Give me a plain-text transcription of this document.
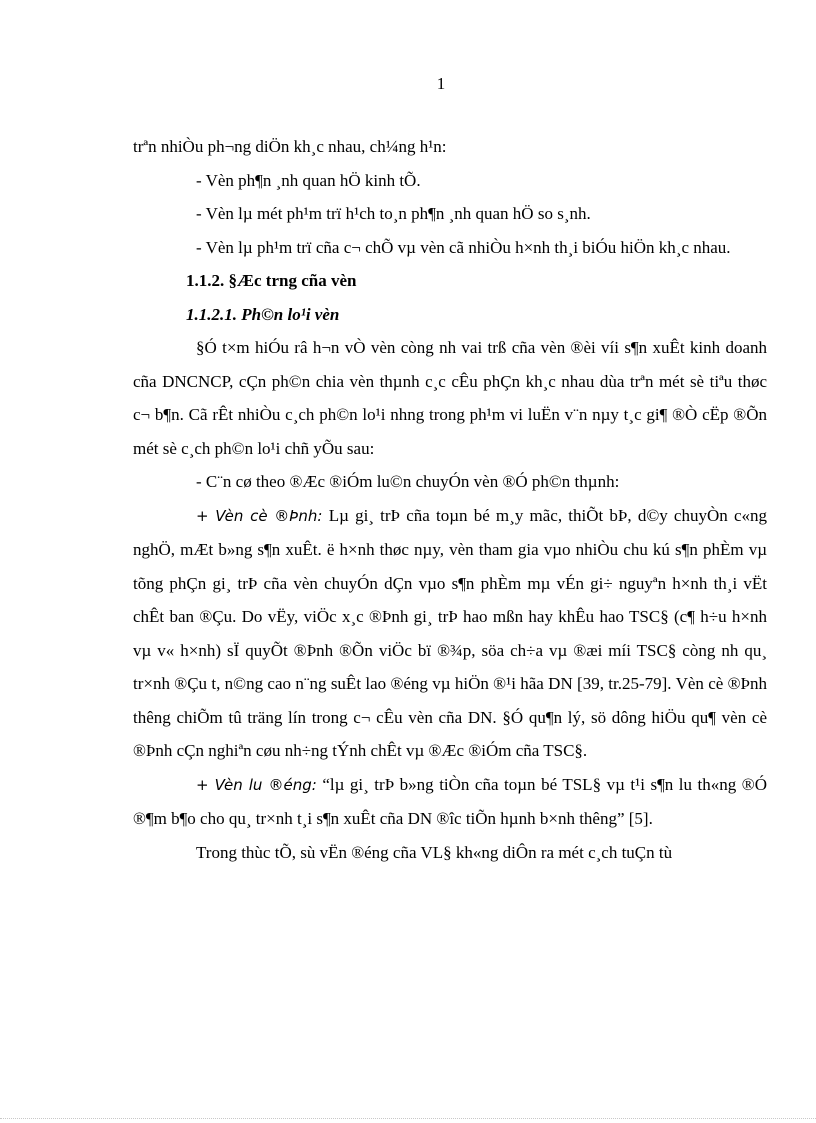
1

trªn nhiÒu ph¬ng diÖn kh¸c nhau, ch¼ng h¹n:

- Vèn ph¶n ¸nh quan hÖ kinh tÕ.

- Vèn lµ mét ph¹m trï h¹ch to¸n ph¶n ¸nh quan hÖ so s¸nh.

- Vèn lµ ph¹m trï cña c¬ chÕ vµ vèn cã nhiÒu h×nh th¸i biÓu hiÖn kh¸c nhau.

1.1.2. §Æc trng cña vèn

1.1.2.1. Ph©n lo¹i vèn

§Ó t×m hiÓu râ h¬n vÒ vèn còng nh vai trß cña vèn ®èi víi s¶n xuÊt kinh doanh cña DNCNCP, cÇn ph©n chia vèn thµnh c¸c cÊu phÇn kh¸c nhau dùa trªn mét sè tiªu thøc c¬ b¶n. Cã rÊt nhiÒu c¸ch ph©n lo¹i nhng trong ph¹m vi luËn v¨n nµy t¸c gi¶ ®Ò cËp ®Õn mét sè c¸ch ph©n lo¹i chñ yÕu sau:

- C¨n cø theo ®Æc ®iÓm lu©n chuyÓn vèn ®Ó ph©n thµnh:

+ Vèn cè ®Þnh: Lµ gi¸ trÞ cña toµn bé m¸y mãc, thiÕt bÞ, d©y chuyÒn c«ng nghÖ, mÆt b»ng s¶n xuÊt. ë h×nh thøc nµy, vèn tham gia vµo nhiÒu chu kú s¶n phÈm vµ tõng phÇn gi¸ trÞ cña vèn chuyÓn dÇn vµo s¶n phÈm mµ vÉn gi÷ nguyªn h×nh th¸i vËt chÊt ban ®Çu. Do vËy, viÖc x¸c ®Þnh gi¸ trÞ hao mßn hay khÊu hao TSC§ (c¶ h÷u h×nh vµ v« h×nh) sÏ quyÕt ®Þnh ®Õn viÖc bï ®¾p, söa ch÷a vµ ®æi míi TSC§ còng nh qu¸ tr×nh ®Çu t, n©ng cao n¨ng suÊt lao ®éng vµ hiÖn ®¹i hãa DN [39, tr.25-79]. Vèn cè ®Þnh thêng chiÕm tû träng lín trong c¬ cÊu vèn cña DN. §Ó qu¶n lý, sö dông hiÖu qu¶ vèn cè ®Þnh cÇn nghiªn cøu nh÷ng tÝnh chÊt vµ ®Æc ®iÓm cña TSC§.

+ Vèn lu ®éng: “lµ gi¸ trÞ b»ng tiÒn cña toµn bé TSL§ vµ t¹i s¶n lu th«ng ®Ó ®¶m b¶o cho qu¸ tr×nh t¸i s¶n xuÊt cña DN ®îc tiÕn hµnh b×nh thêng” [5].

Trong thùc tÕ, sù vËn ®éng cña VL§ kh«ng diÔn ra mét c¸ch tuÇn tù
